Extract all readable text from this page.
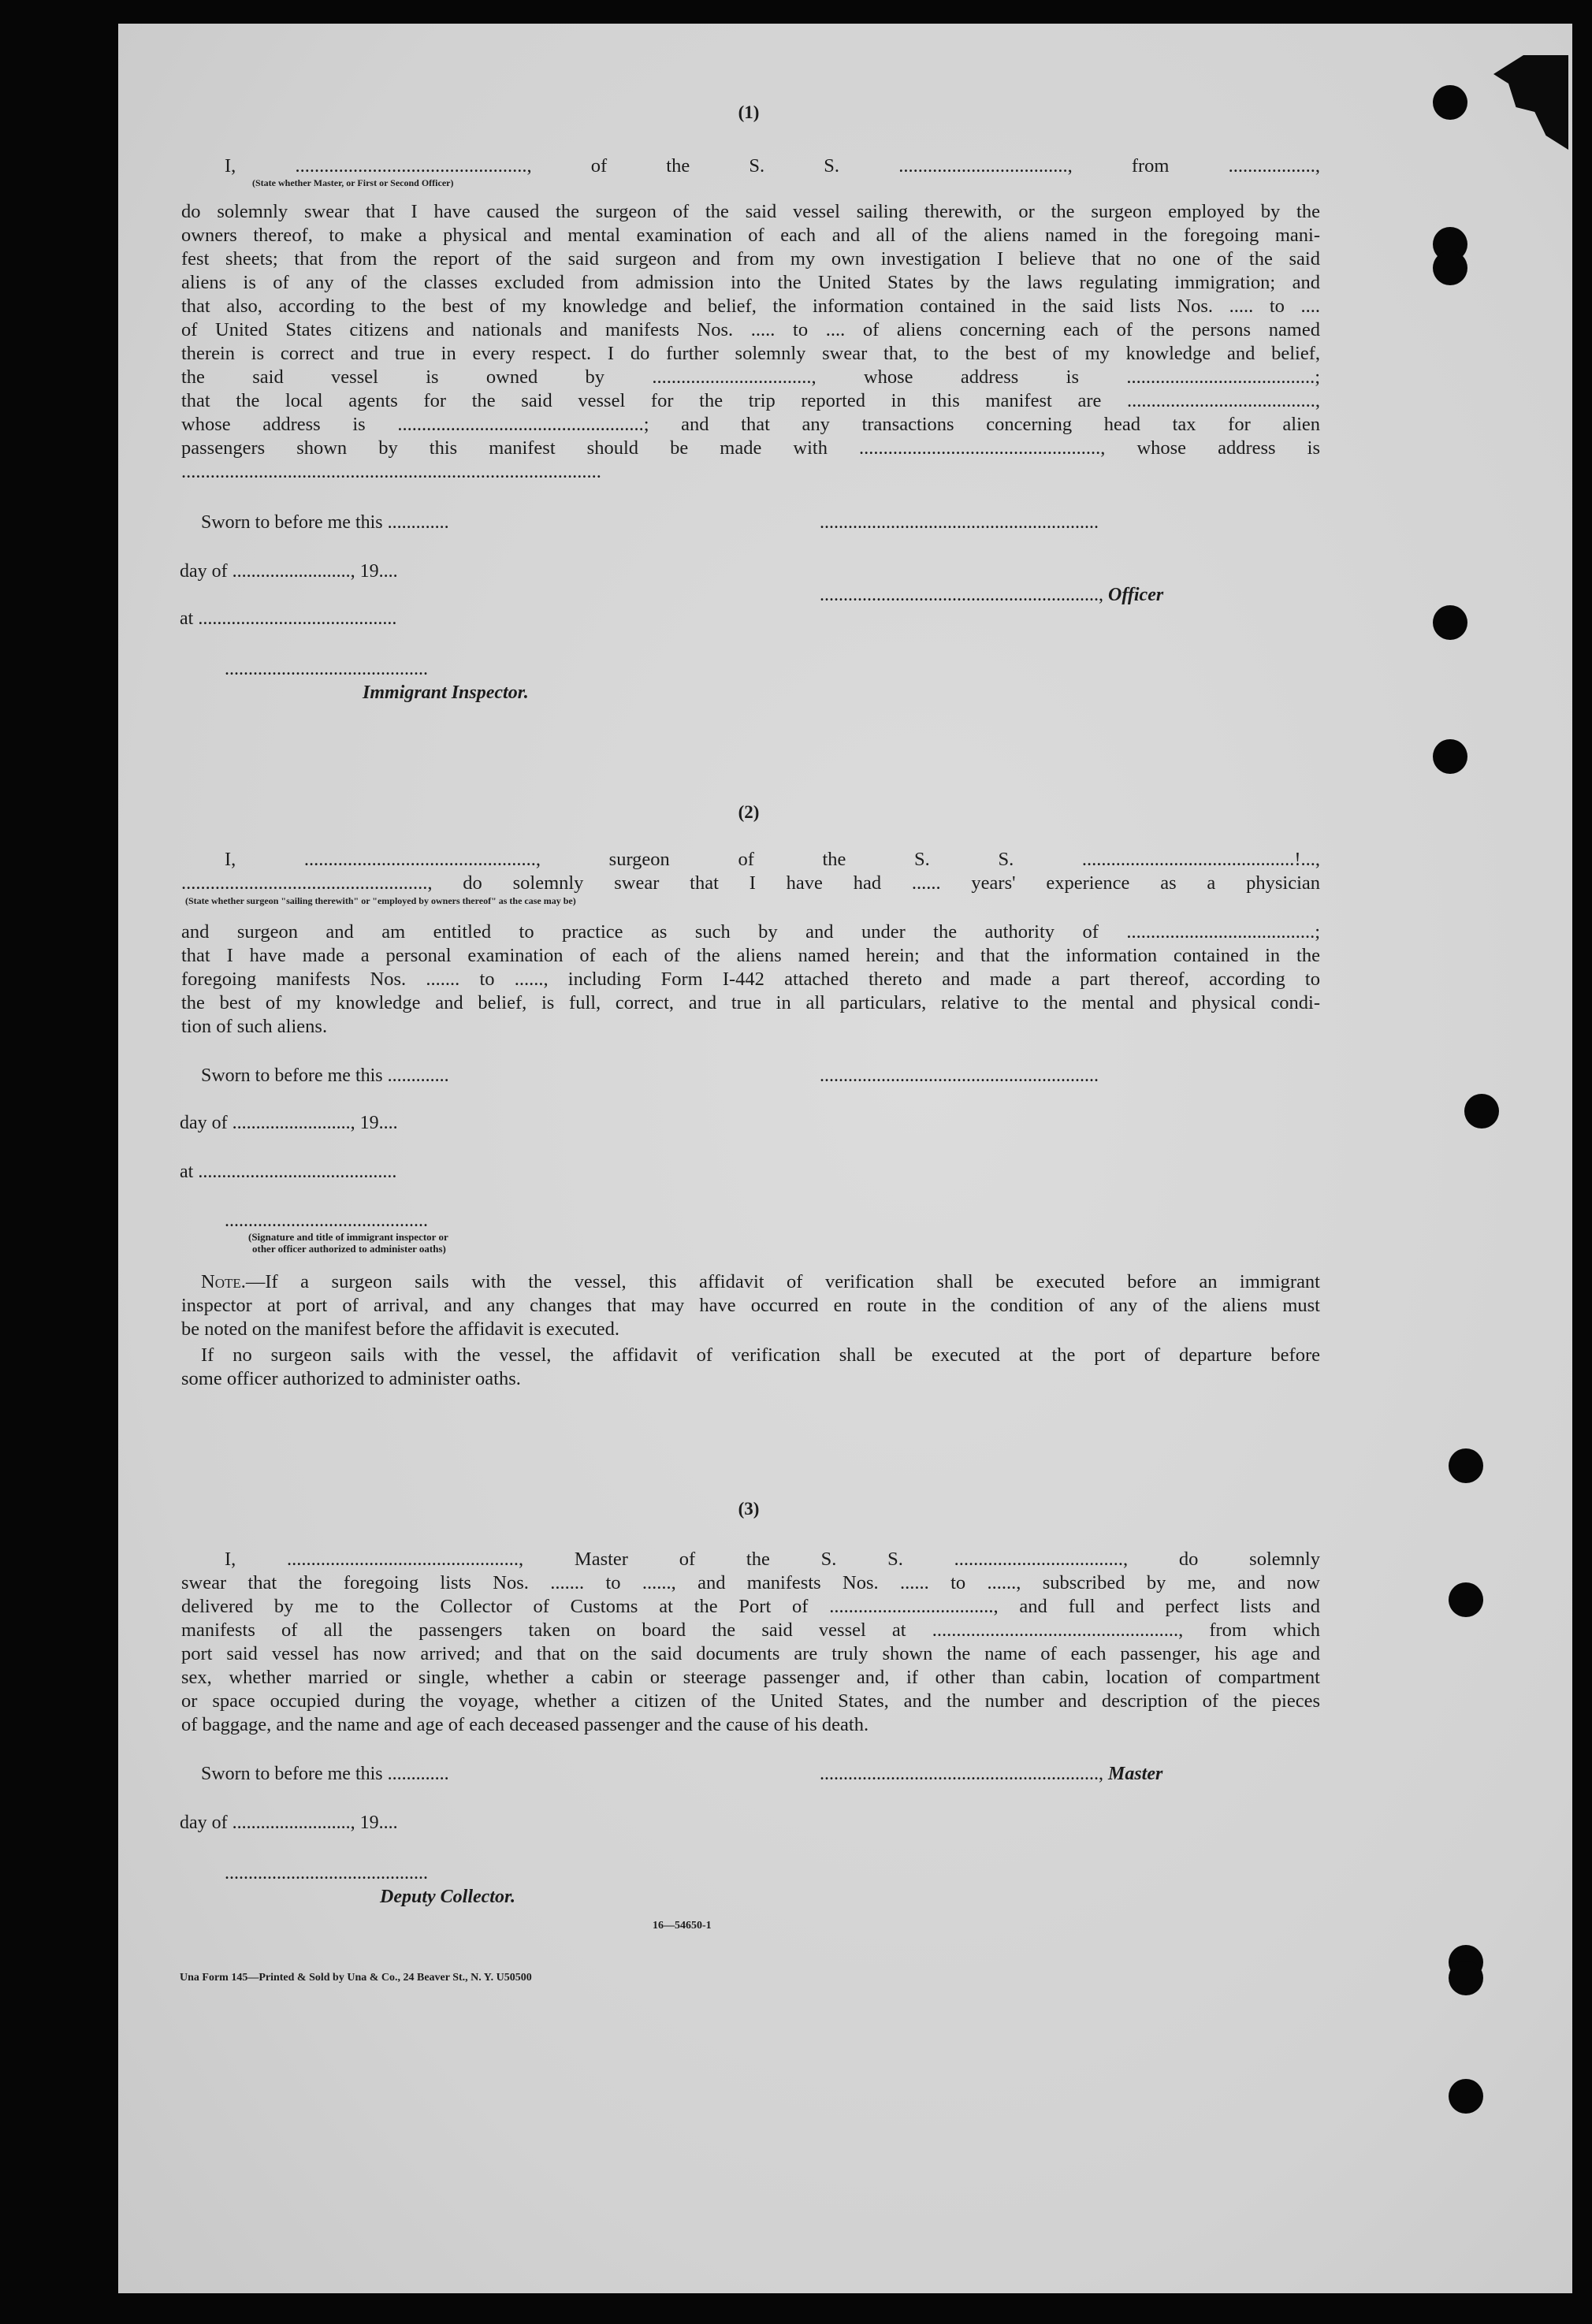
(1)
I, ................................................, of the S. S. ..................................., from ..................,
(State whether Master, or First or Second Officer)
do solemnly swear that I have caused the surgeon of the said vessel sailing therewith, or the surgeon employed by the
owners thereof, to make a physical and mental examination of each and all of the aliens named in the foregoing mani-
fest sheets; that from the report of the said surgeon and from my own investigation I believe that no one of the said
aliens is of any of the classes excluded from admission into the United States by the laws regulating immigration; and
that also, according to the best of my knowledge and belief, the information contained in the said lists Nos. ..... to ....
of United States citizens and nationals and manifests Nos. ..... to .... of aliens concerning each of the persons named
therein is correct and true in every respect. I do further solemnly swear that, to the best of my knowledge and belief,
the said vessel is owned by ................................., whose address is .......................................;
that the local agents for the said vessel for the trip reported in this manifest are .......................................,
whose address is ...................................................; and that any transactions concerning head tax for alien
passengers shown by this manifest should be made with .................................................., whose address is
.......................................................................................
Sworn to before me this .............	...........................................................
day of ........................., 19....
..........................................................., Officer
at ..........................................
...........................................
Immigrant Inspector.
(2)
I, ................................................, surgeon of the S. S. ............................................!...,
..................................................., do solemnly swear that I have had ...... years' experience as a physician
(State whether surgeon "sailing therewith" or "employed by owners thereof" as the case may be)
and surgeon and am entitled to practice as such by and under the authority of .......................................;
that I have made a personal examination of each of the aliens named herein; and that the information contained in the
foregoing manifests Nos. ....... to ......, including Form I-442 attached thereto and made a part thereof, according to
the best of my knowledge and belief, is full, correct, and true in all particulars, relative to the mental and physical condi-
tion of such aliens.
Sworn to before me this .............	...........................................................
day of ........................., 19....
at ..........................................
...........................................
(Signature and title of immigrant inspector or
other officer authorized to administer oaths)
Note.—If a surgeon sails with the vessel, this affidavit of verification shall be executed before an immigrant
inspector at port of arrival, and any changes that may have occurred en route in the condition of any of the aliens must
be noted on the manifest before the affidavit is executed.
If no surgeon sails with the vessel, the affidavit of verification shall be executed at the port of departure before
some officer authorized to administer oaths.
(3)
I, ................................................, Master of the S. S. ..................................., do solemnly
swear that the foregoing lists Nos. ....... to ......, and manifests Nos. ...... to ......, subscribed by me, and now
delivered by me to the Collector of Customs at the Port of .................................., and full and perfect lists and
manifests of all the passengers taken on board the said vessel at ..................................................., from which
port said vessel has now arrived; and that on the said documents are truly shown the name of each passenger, his age and
sex, whether married or single, whether a cabin or steerage passenger and, if other than cabin, location of compartment
or space occupied during the voyage, whether a citizen of the United States, and the number and description of the pieces
of baggage, and the name and age of each deceased passenger and the cause of his death.
Sworn to before me this .............	..........................................................., Master
day of ........................., 19....
...........................................
Deputy Collector.
16—54650-1
Una Form 145—Printed & Sold by Una & Co., 24 Beaver St., N. Y. U50500
